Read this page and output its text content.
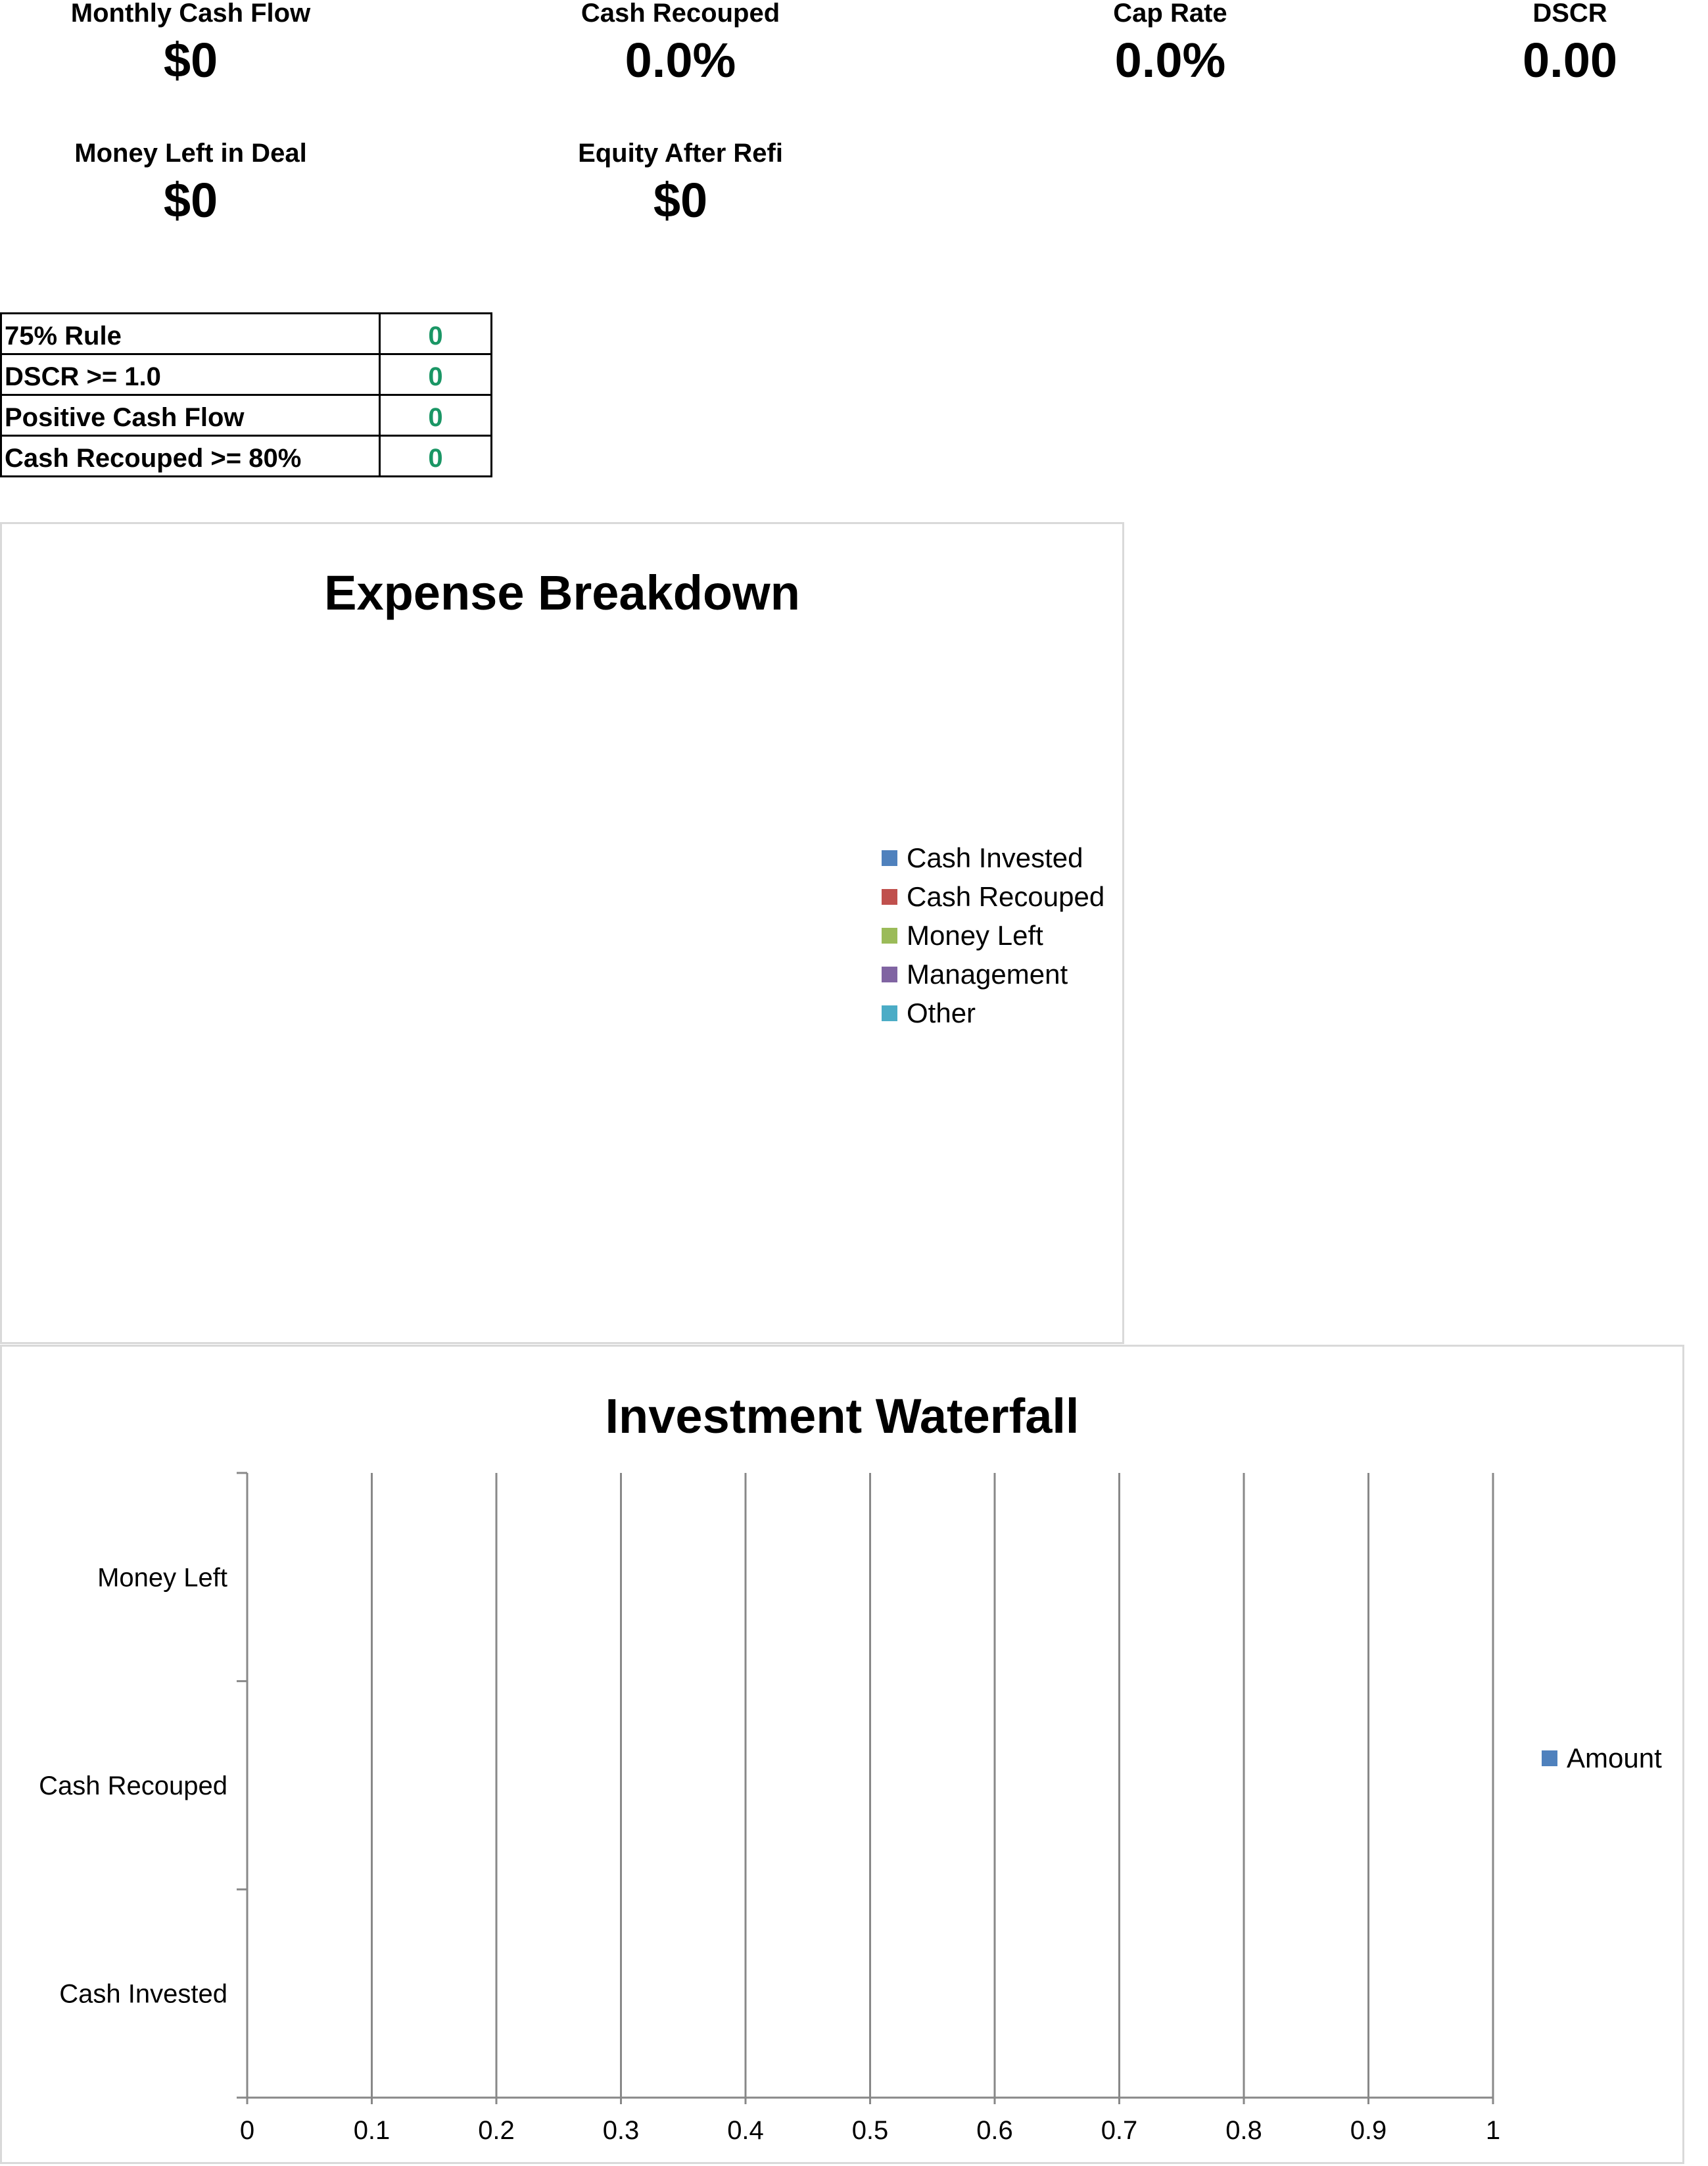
Monthly Cash Flow
$0
Cash Recouped
0.0%
Cap Rate
0.0%
DSCR
0.00
Money Left in Deal
$0
Equity After Refi
$0
75% Rule	0
DSCR >= 1.0	0
Positive Cash Flow	0
Cash Recouped >= 80%	0
Expense Breakdown
Cash Invested
Cash Recouped
Money Left
Management
Other
Investment Waterfall
0	0.1	0.2	0.3	0.4	0.5	0.6	0.7	0.8	0.9	1
Cash Invested
Cash Recouped
Money Left
Amount
